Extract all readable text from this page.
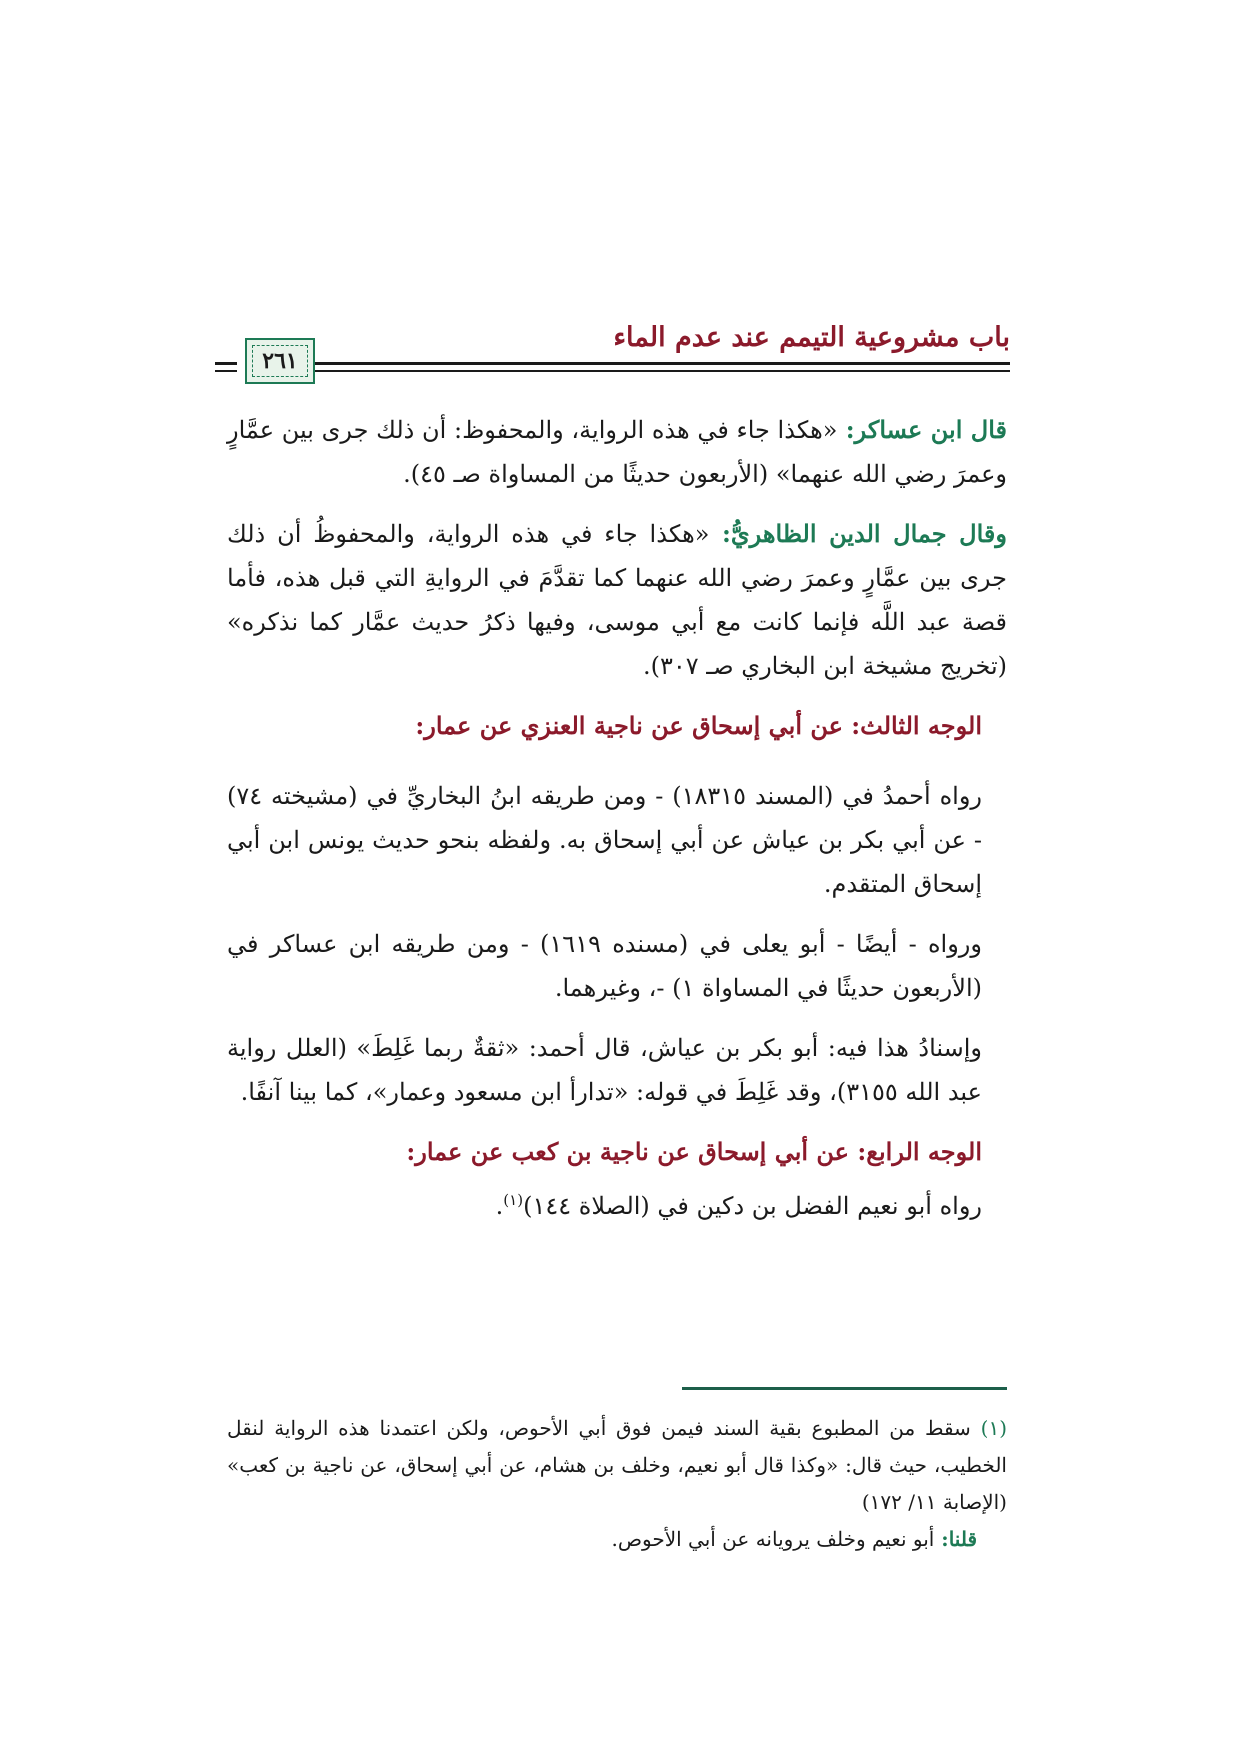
باب مشروعية التيمم عند عدم الماء
٢٦١

قال ابن عساكر: «هكذا جاء في هذه الرواية، والمحفوظ: أن ذلك جرى بين عمَّارٍ وعمرَ رضي الله عنهما» (الأربعون حديثًا من المساواة صـ ٤٥).

وقال جمال الدين الظاهريُّ: «هكذا جاء في هذه الرواية، والمحفوظُ أن ذلك جرى بين عمَّارٍ وعمرَ رضي الله عنهما كما تقدَّمَ في الروايةِ التي قبل هذه، فأما قصة عبد اللَّه فإنما كانت مع أبي موسى، وفيها ذكرُ حديث عمَّار كما نذكره» (تخريج مشيخة ابن البخاري صـ ٣٠٧).

الوجه الثالث: عن أبي إسحاق عن ناجية العنزي عن عمار:

رواه أحمدُ في (المسند ١٨٣١٥) - ومن طريقه ابنُ البخاريِّ في (مشيخته ٧٤) - عن أبي بكر بن عياش عن أبي إسحاق به. ولفظه بنحو حديث يونس ابن أبي إسحاق المتقدم.

ورواه - أيضًا - أبو يعلى في (مسنده ١٦١٩) - ومن طريقه ابن عساكر في (الأربعون حديثًا في المساواة ١) -، وغيرهما.

وإسنادُ هذا فيه: أبو بكر بن عياش، قال أحمد: «ثقةٌ ربما غَلِطَ» (العلل رواية عبد الله ٣١٥٥)، وقد غَلِطَ في قوله: «تدارأ ابن مسعود وعمار»، كما بينا آنفًا.

الوجه الرابع: عن أبي إسحاق عن ناجية بن كعب عن عمار:

رواه أبو نعيم الفضل بن دكين في (الصلاة ١٤٤)$^{(١)}$.

(١) سقط من المطبوع بقية السند فيمن فوق أبي الأحوص، ولكن اعتمدنا هذه الرواية لنقل الخطيب، حيث قال: «وكذا قال أبو نعيم، وخلف بن هشام، عن أبي إسحاق، عن ناجية بن كعب» (الإصابة ١١/ ١٧٢)

قلنا: أبو نعيم وخلف يرويانه عن أبي الأحوص.
